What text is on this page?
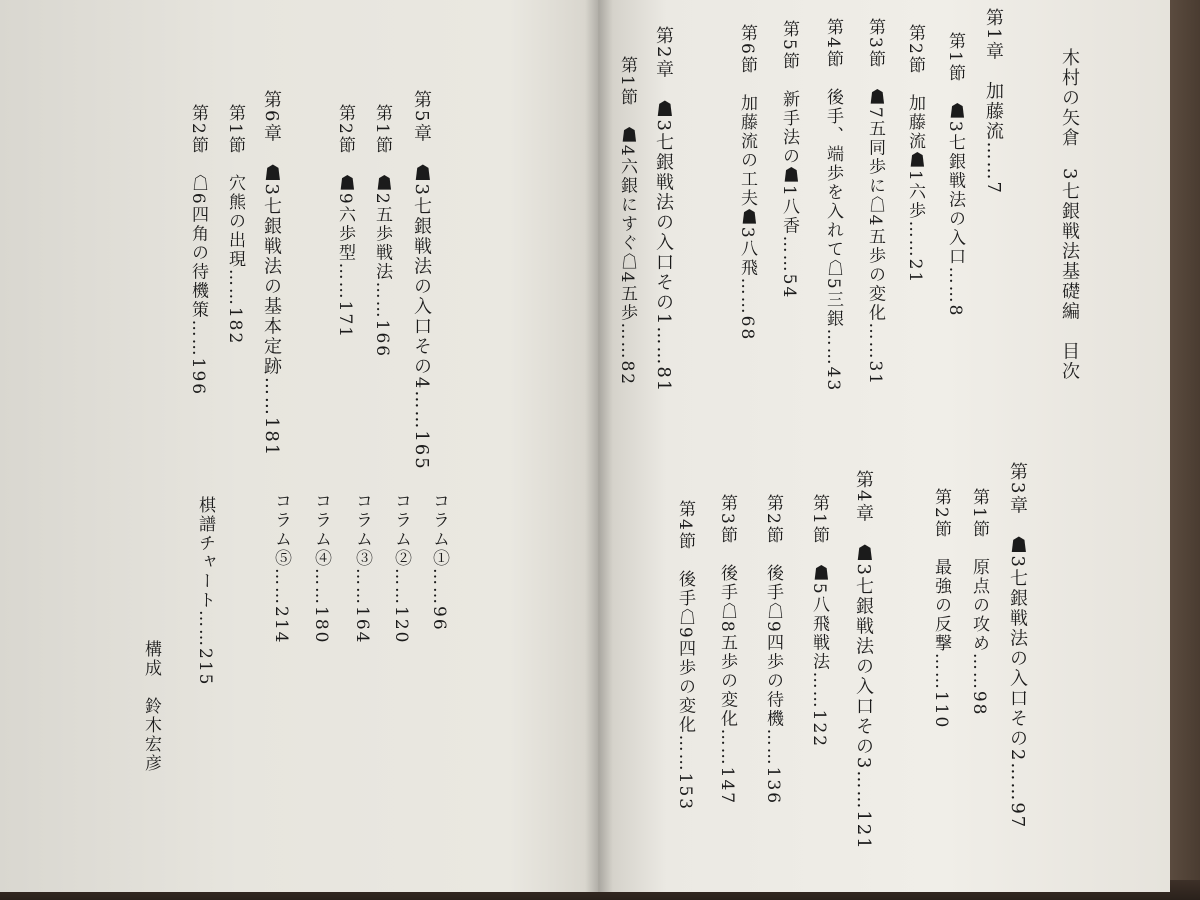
第5章　☗3七銀戦法の入口その4……165
第1節　☗2五歩戦法……166
第2節　☗9六歩型……171
第6章　☗3七銀戦法の基本定跡……181
第1節　穴熊の出現……182
第2節　☖6四角の待機策……196
コラム①……96
コラム②……120
コラム③……164
コラム④……180
コラム⑤……214
棋譜チャート……215
構成　鈴木宏彦
木村の矢倉　3七銀戦法基礎編　目次
第1章　加藤流……7
第1節　☗3七銀戦法の入口……8
第2節　加藤流☗1六歩……21
第3節　☗7五同歩に☖4五歩の変化……31
第4節　後手、端歩を入れて☖5三銀……43
第5節　新手法の☗1八香……54
第6節　加藤流の工夫☗3八飛……68
第2章　☗3七銀戦法の入口その1……81
第1節　☗4六銀にすぐ☖4五歩……82
第3章　☗3七銀戦法の入口その2……97
第1節　原点の攻め……98
第2節　最強の反撃……110
第4章　☗3七銀戦法の入口その3……121
第1節　☗5八飛戦法……122
第2節　後手☖9四歩の待機……136
第3節　後手☖8五歩の変化……147
第4節　後手☖9四歩の変化……153
